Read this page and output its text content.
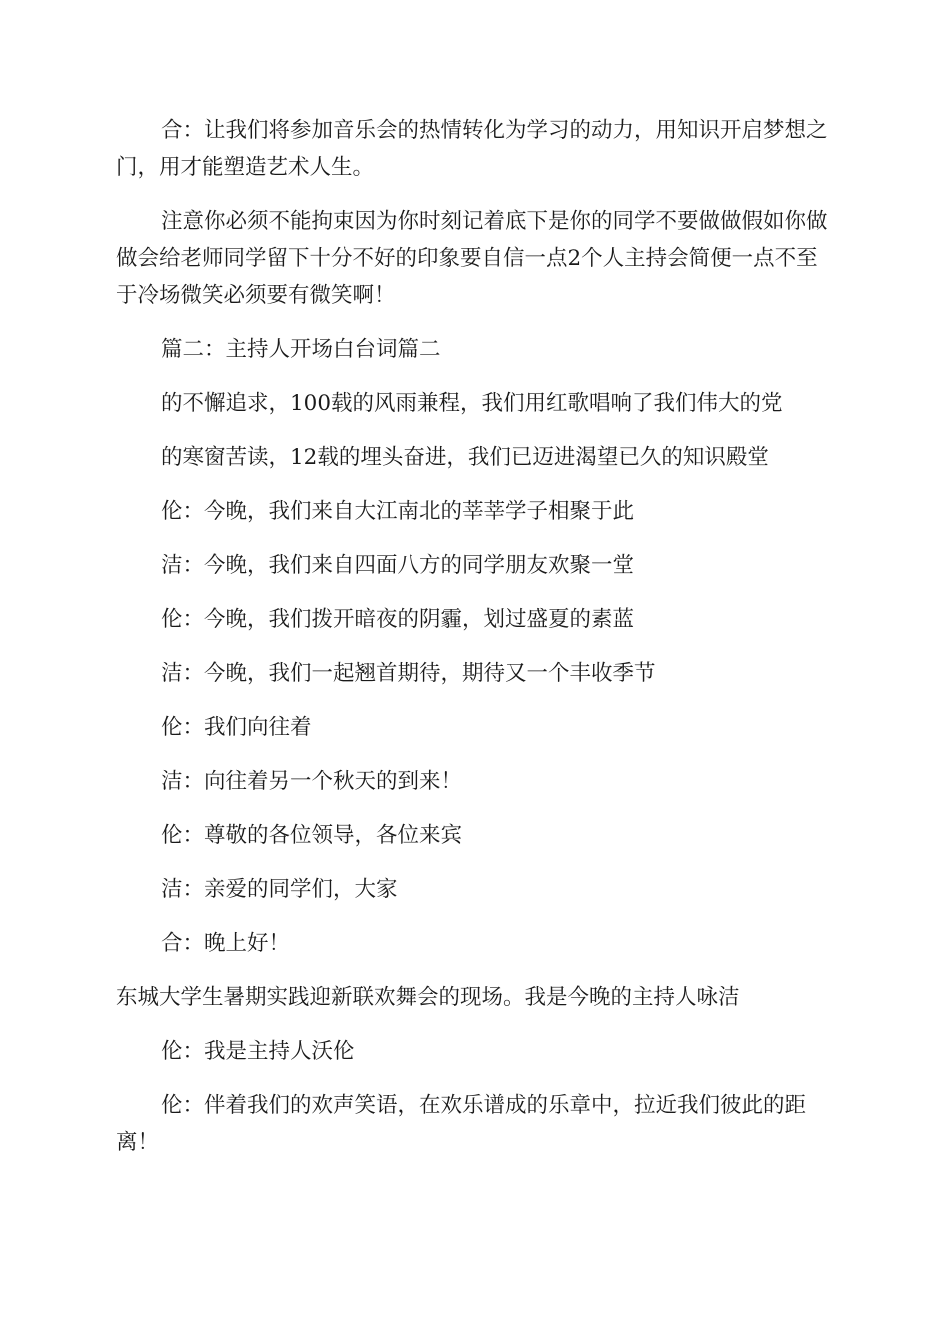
合：让我们将参加音乐会的热情转化为学习的动力，用知识开启梦想之门，用才能塑造艺术人生。

注意你必须不能拘束因为你时刻记着底下是你的同学不要做做假如你做做会给老师同学留下十分不好的印象要自信一点2个人主持会简便一点不至于冷场微笑必须要有微笑啊！

篇二：主持人开场白台词篇二

的不懈追求，100载的风雨兼程，我们用红歌唱响了我们伟大的党

的寒窗苦读，12载的埋头奋进，我们已迈进渴望已久的知识殿堂

伦：今晚，我们来自大江南北的莘莘学子相聚于此

洁：今晚，我们来自四面八方的同学朋友欢聚一堂

伦：今晚，我们拨开暗夜的阴霾，划过盛夏的素蓝

洁：今晚，我们一起翘首期待，期待又一个丰收季节

伦：我们向往着

洁：向往着另一个秋天的到来！

伦：尊敬的各位领导，各位来宾

洁：亲爱的同学们，大家

合：晚上好！

东城大学生暑期实践迎新联欢舞会的现场。我是今晚的主持人咏洁

伦：我是主持人沃伦

伦：伴着我们的欢声笑语，在欢乐谱成的乐章中，拉近我们彼此的距离！
